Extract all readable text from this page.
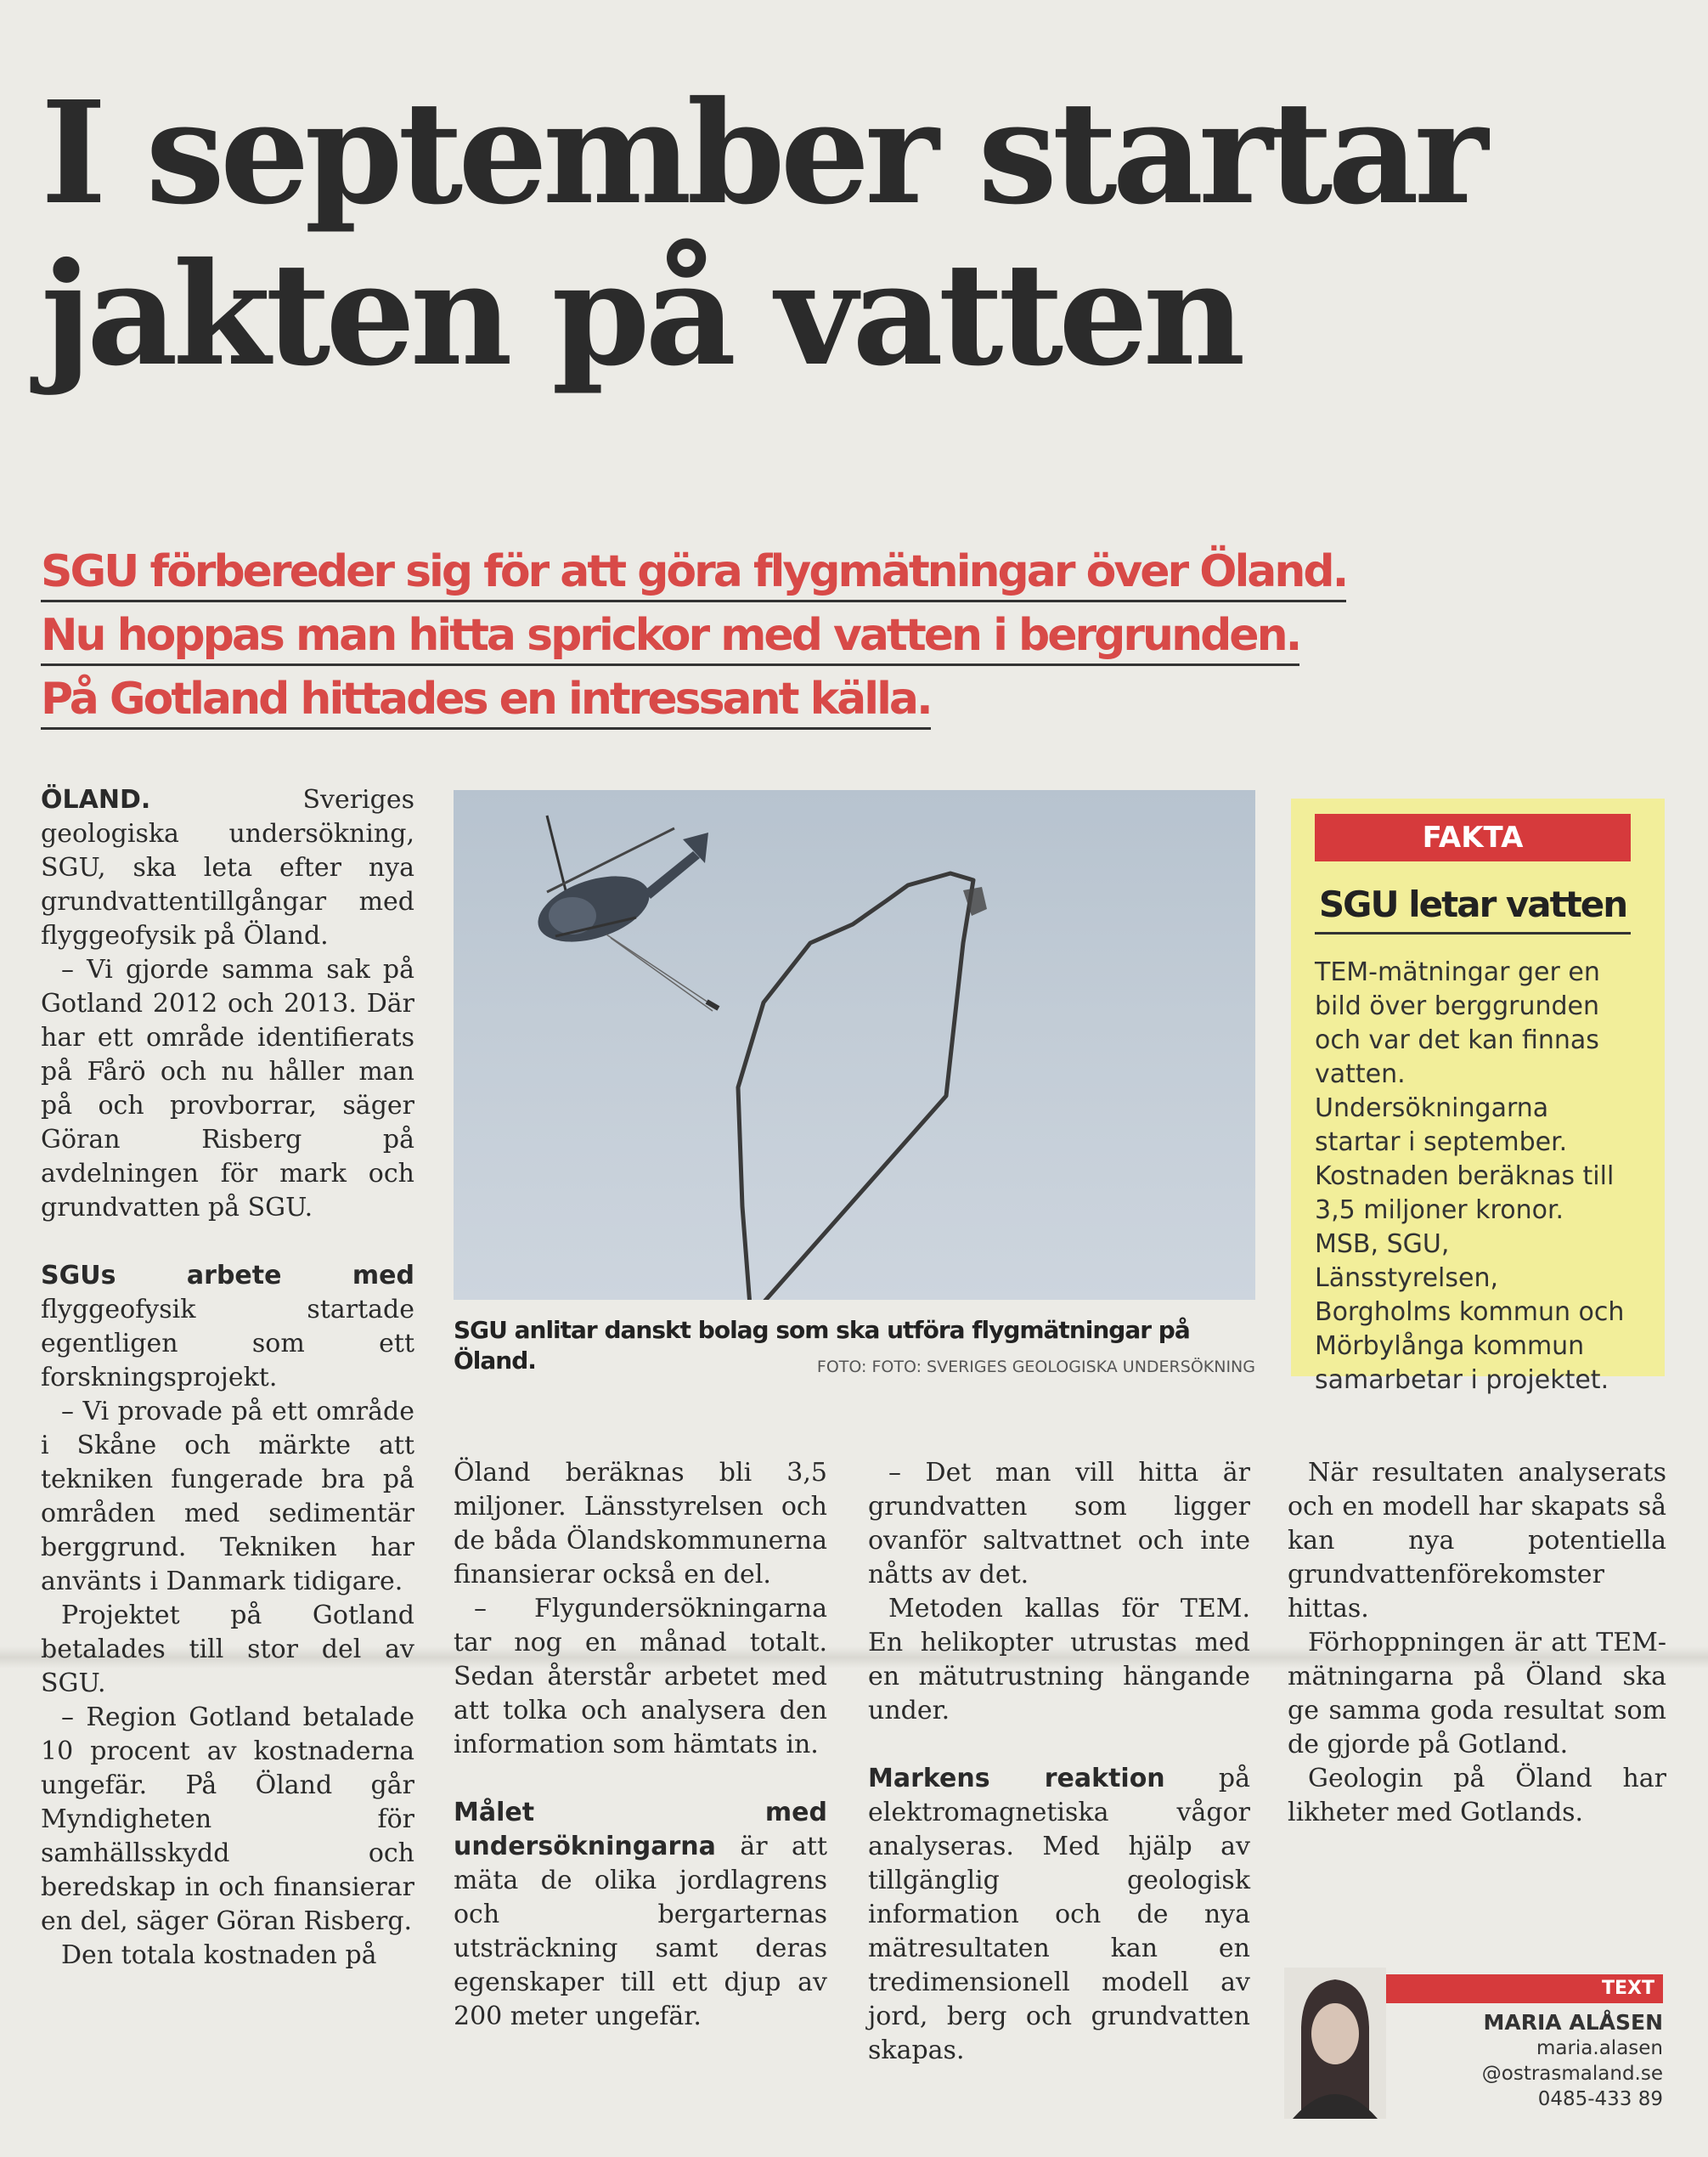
I september startar
jakten på vatten
SGU förbereder sig för att göra flygmätningar över Öland.
Nu hoppas man hitta sprickor med vatten i bergrunden.
På Gotland hittades en intressant källa.

ÖLAND.	Sveriges geologiska undersökning, SGU, ska leta efter nya grundvattentillgångar med flyggeofysik på Öland.

– Vi gjorde samma sak på Gotland 2012 och 2013. Där har ett område identifierats på Fårö och nu håller man på och provborrar, säger Göran Risberg på avdelningen för mark och grundvatten på SGU.

SGUs arbete med flyggeofysik startade egentligen som ett forskningsprojekt.

– Vi provade på ett område i Skåne och märkte att tekniken fungerade bra på områden med sedimentär berggrund. Tekniken har använts i Danmark tidigare.

Projektet på Gotland betalades till stor del av SGU.

– Region Gotland betalade 10 procent av kostnaderna ungefär. På Öland går Myndigheten för samhällsskydd och beredskap in och finansierar en del, säger Göran Risberg.

Den totala kostnaden på

SGU anlitar danskt bolag som ska utföra flygmätningar på Öland.	FOTO: FOTO: SVERIGES GEOLOGISKA UNDERSÖKNING
FAKTA
SGU letar vatten
TEM-mätningar ger en bild över berggrunden och var det kan finnas vatten. Undersökningarna startar i september. Kostnaden beräknas till 3,5 miljoner kronor. MSB, SGU, Länsstyrelsen, Borgholms kommun och Mörbylånga kommun samarbetar i projektet.

Öland beräknas bli 3,5 miljoner. Länsstyrelsen och de båda Ölandskommunerna finansierar också en del.

– Flygundersökningarna tar nog en månad totalt. Sedan återstår arbetet med att tolka och analysera den information som hämtats in.

Målet med undersökningarna är att mäta de olika jordlagrens och bergarternas utsträckning samt deras egenskaper till ett djup av 200 meter ungefär.

– Det man vill hitta är grundvatten som ligger ovanför saltvattnet och inte nåtts av det.

Metoden kallas för TEM. En helikopter utrustas med en mätutrustning hängande under.

Markens reaktion på elektromagnetiska vågor analyseras. Med hjälp av tillgänglig geologisk information och de nya mätresultaten kan en tredimensionell modell av jord, berg och grundvatten skapas.

När resultaten analyserats och en modell har skapats så kan nya potentiella grundvattenförekomster hittas.

Förhoppningen är att TEM-mätningarna på Öland ska ge samma goda resultat som de gjorde på Gotland.

Geologin på Öland har likheter med Gotlands.

TEXT
MARIA ALÅSEN
maria.alasen
@ostrasmaland.se
0485-433 89
